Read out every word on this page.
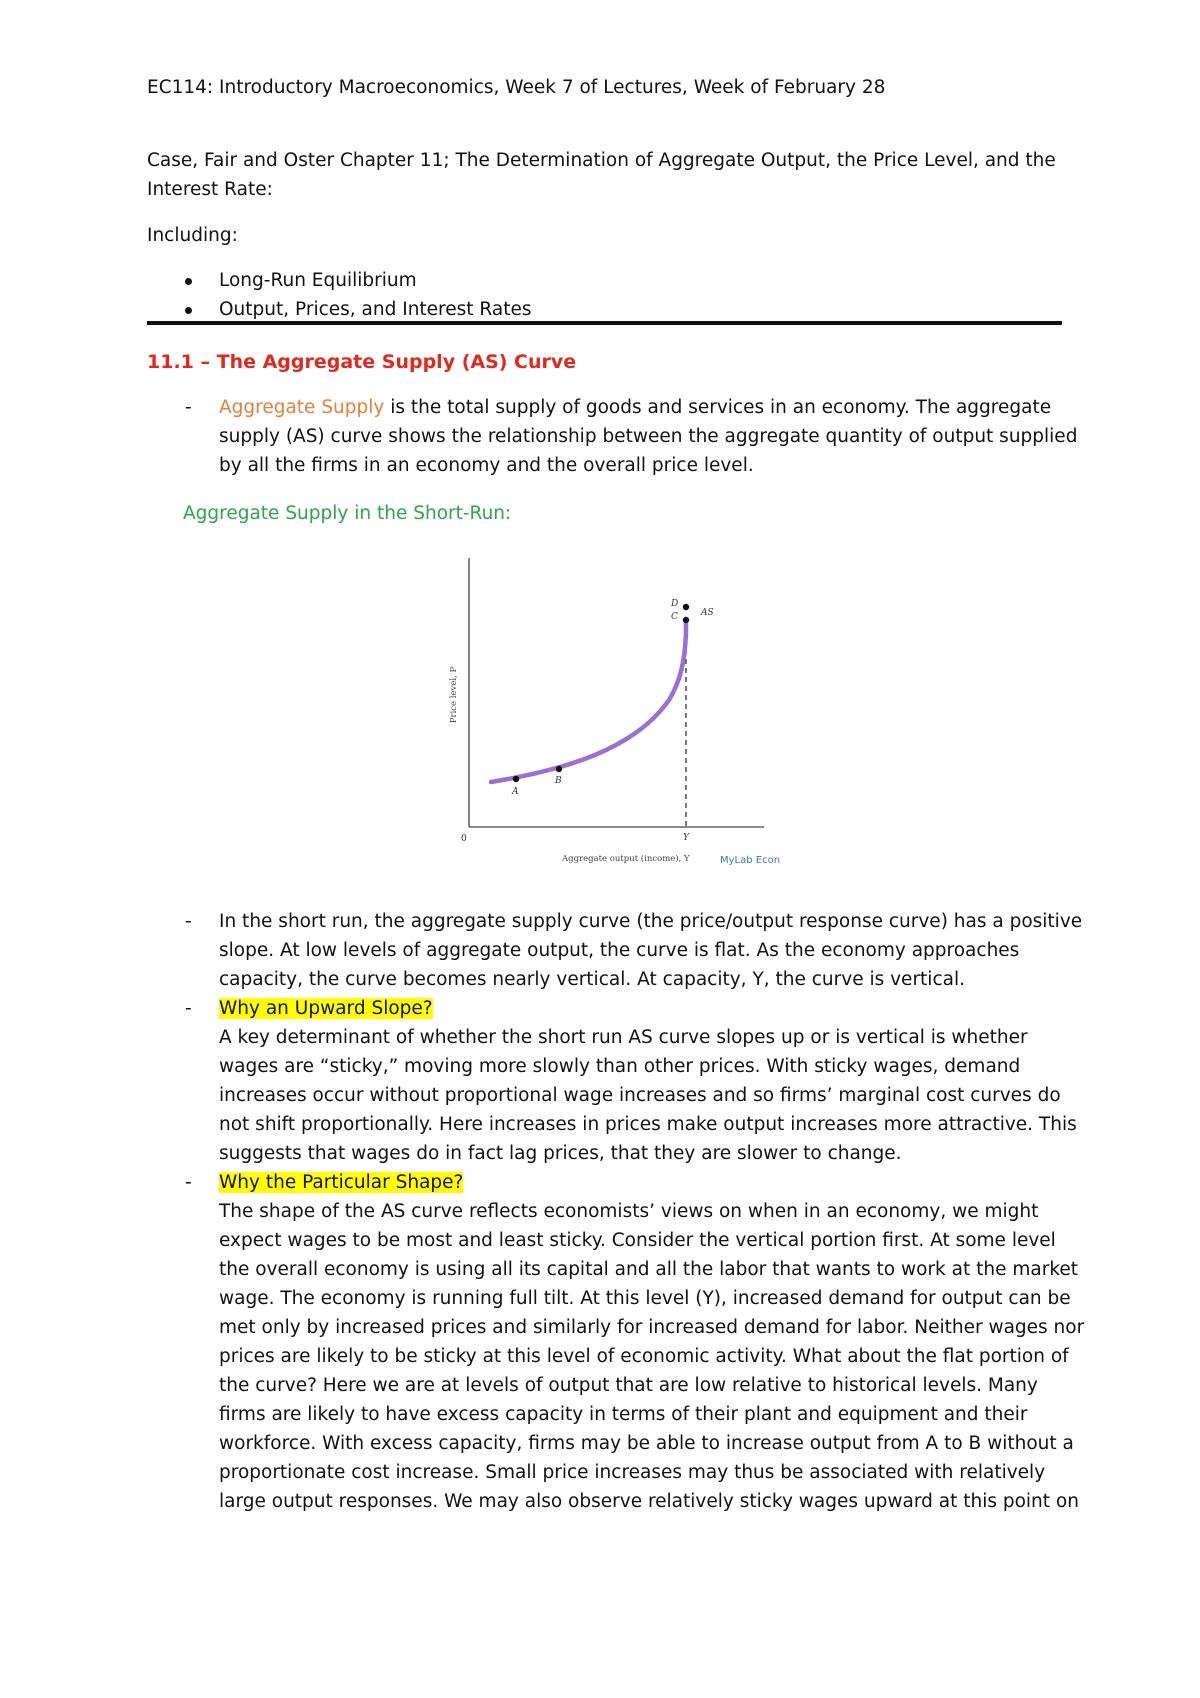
EC114: Introductory Macroeconomics, Week 7 of Lectures, Week of February 28
Case, Fair and Oster Chapter 11; The Determination of Aggregate Output, the Price Level, and the
Interest Rate:
Including:
Long-Run Equilibrium
Output, Prices, and Interest Rates
11.1 – The Aggregate Supply (AS) Curve
- Aggregate Supply is the total supply of goods and services in an economy. The aggregate
supply (AS) curve shows the relationship between the aggregate quantity of output supplied
by all the firms in an economy and the overall price level.
Aggregate Supply in the Short-Run:
A
B
C
D
0	Y
AS
Aggregate output (income), Y
Price level, P
MyLab Econ
- In the short run, the aggregate supply curve (the price/output response curve) has a positive
slope. At low levels of aggregate output, the curve is flat. As the economy approaches
capacity, the curve becomes nearly vertical. At capacity, Y, the curve is vertical.
- Why an Upward Slope?
A key determinant of whether the short run AS curve slopes up or is vertical is whether
wages are “sticky,” moving more slowly than other prices. With sticky wages, demand
increases occur without proportional wage increases and so firms’ marginal cost curves do
not shift proportionally. Here increases in prices make output increases more attractive. This
suggests that wages do in fact lag prices, that they are slower to change.
- Why the Particular Shape?
The shape of the AS curve reflects economists’ views on when in an economy, we might
expect wages to be most and least sticky. Consider the vertical portion first. At some level
the overall economy is using all its capital and all the labor that wants to work at the market
wage. The economy is running full tilt. At this level (Y), increased demand for output can be
met only by increased prices and similarly for increased demand for labor. Neither wages nor
prices are likely to be sticky at this level of economic activity. What about the flat portion of
the curve? Here we are at levels of output that are low relative to historical levels. Many
firms are likely to have excess capacity in terms of their plant and equipment and their
workforce. With excess capacity, firms may be able to increase output from A to B without a
proportionate cost increase. Small price increases may thus be associated with relatively
large output responses. We may also observe relatively sticky wages upward at this point on
